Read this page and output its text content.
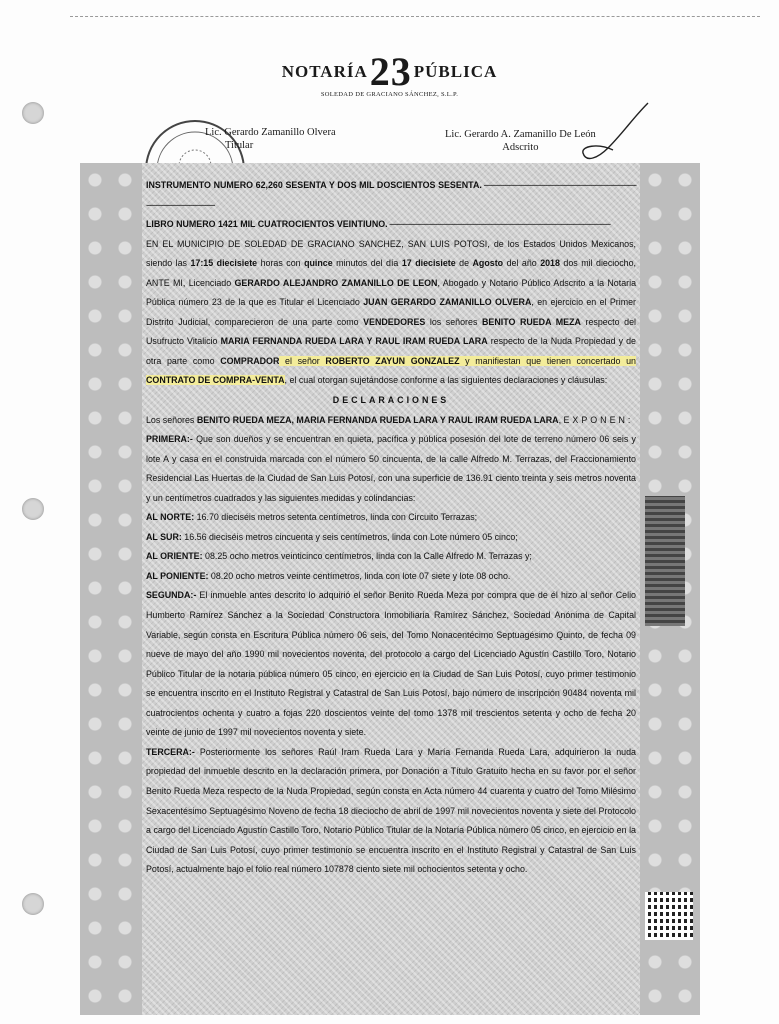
NOTARÍA23 PÚBLICA
SOLEDAD DE GRACIANO SÁNCHEZ, S.L.P.
Lic. Gerardo Zamanillo Olvera
Titular
Lic. Gerardo A. Zamanillo De León
Adscrito

INSTRUMENTO NUMERO 62,260 SESENTA Y DOS MIL DOSCIENTOS SESENTA. -----

LIBRO NUMERO 1421 MIL CUATROCIENTOS VEINTIUNO. -----

EN EL MUNICIPIO DE SOLEDAD DE GRACIANO SANCHEZ, SAN LUIS POTOSI, de los Estados Unidos Mexicanos, siendo las 17:15 diecisiete horas con quince minutos del día 17 diecisiete de Agosto del año 2018 dos mil dieciocho, ANTE MI, Licenciado GERARDO ALEJANDRO ZAMANILLO DE LEON, Abogado y Notario Público Adscrito a la Notaria Pública número 23 de la que es Titular el Licenciado JUAN GERARDO ZAMANILLO OLVERA, en ejercicio en el Primer Distrito Judicial, comparecieron de una parte como VENDEDORES los señores BENITO RUEDA MEZA respecto del Usufructo Vitalicio MARIA FERNANDA RUEDA LARA Y RAUL IRAM RUEDA LARA respecto de la Nuda Propiedad y de otra parte como COMPRADOR el señor ROBERTO ZAYUN GONZALEZ y manifiestan que tienen concertado un CONTRATO DE COMPRA-VENTA, el cual otorgan sujetándose conforme a las siguientes declaraciones y cláusulas:

DECLARACIONES

Los señores BENITO RUEDA MEZA, MARIA FERNANDA RUEDA LARA Y RAUL IRAM RUEDA LARA, EXPONEN:

PRIMERA:- Que son dueños y se encuentran en quieta, pacífica y pública posesión del lote de terreno número 06 seis y lote A y casa en el construida marcada con el número 50 cincuenta, de la calle Alfredo M. Terrazas, del Fraccionamiento Residencial Las Huertas de la Ciudad de San Luis Potosí, con una superficie de 136.91 ciento treinta y seis metros noventa y un centímetros cuadrados y las siguientes medidas y colindancias:

AL NORTE: 16.70 dieciséis metros setenta centímetros, linda con Circuito Terrazas;

AL SUR: 16.56 dieciséis metros cincuenta y seis centímetros, linda con Lote número 05 cinco;

AL ORIENTE: 08.25 ocho metros veinticinco centímetros, linda con la Calle Alfredo M. Terrazas y;

AL PONIENTE: 08.20 ocho metros veinte centímetros, linda con lote 07 siete y lote 08 ocho.

SEGUNDA:- El inmueble antes descrito lo adquirió el señor Benito Rueda Meza por compra que de él hizo al señor Celio Humberto Ramírez Sánchez a la Sociedad Constructora Inmobiliaria Ramírez Sánchez, Sociedad Anónima de Capital Variable, según consta en Escritura Pública número 06 seis, del Tomo Nonacentécimo Septuagésimo Quinto, de fecha 09 nueve de mayo del año 1990 mil novecientos noventa, del protocolo a cargo del Licenciado Agustín Castillo Toro, Notario Público Titular de la notaria pública número 05 cinco, en ejercicio en la Ciudad de San Luis Potosí, cuyo primer testimonio se encuentra inscrito en el Instituto Registral y Catastral de San Luis Potosí, bajo número de inscripción 90484 noventa mil cuatrocientos ochenta y cuatro a fojas 220 doscientos veinte del tomo 1378 mil trescientos setenta y ocho de fecha 20 veinte de junio de 1997 mil novecientos noventa y siete.

TERCERA:- Posteriormente los señores Raúl Iram Rueda Lara y María Fernanda Rueda Lara, adquirieron la nuda propiedad del inmueble descrito en la declaración primera, por Donación a Título Gratuito hecha en su favor por el señor Benito Rueda Meza respecto de la Nuda Propiedad, según consta en Acta número 44 cuarenta y cuatro del Tomo Milésimo Sexacentésimo Septuagésimo Noveno de fecha 18 dieciocho de abril de 1997 mil novecientos noventa y siete del Protocolo a cargo del Licenciado Agustín Castillo Toro, Notario Público Titular de la Notaría Pública número 05 cinco, en ejercicio en la Ciudad de San Luis Potosí, cuyo primer testimonio se encuentra inscrito en el Instituto Registral y Catastral de San Luis Potosí, actualmente bajo el folio real número 107878 ciento siete mil ochocientos setenta y ocho.
